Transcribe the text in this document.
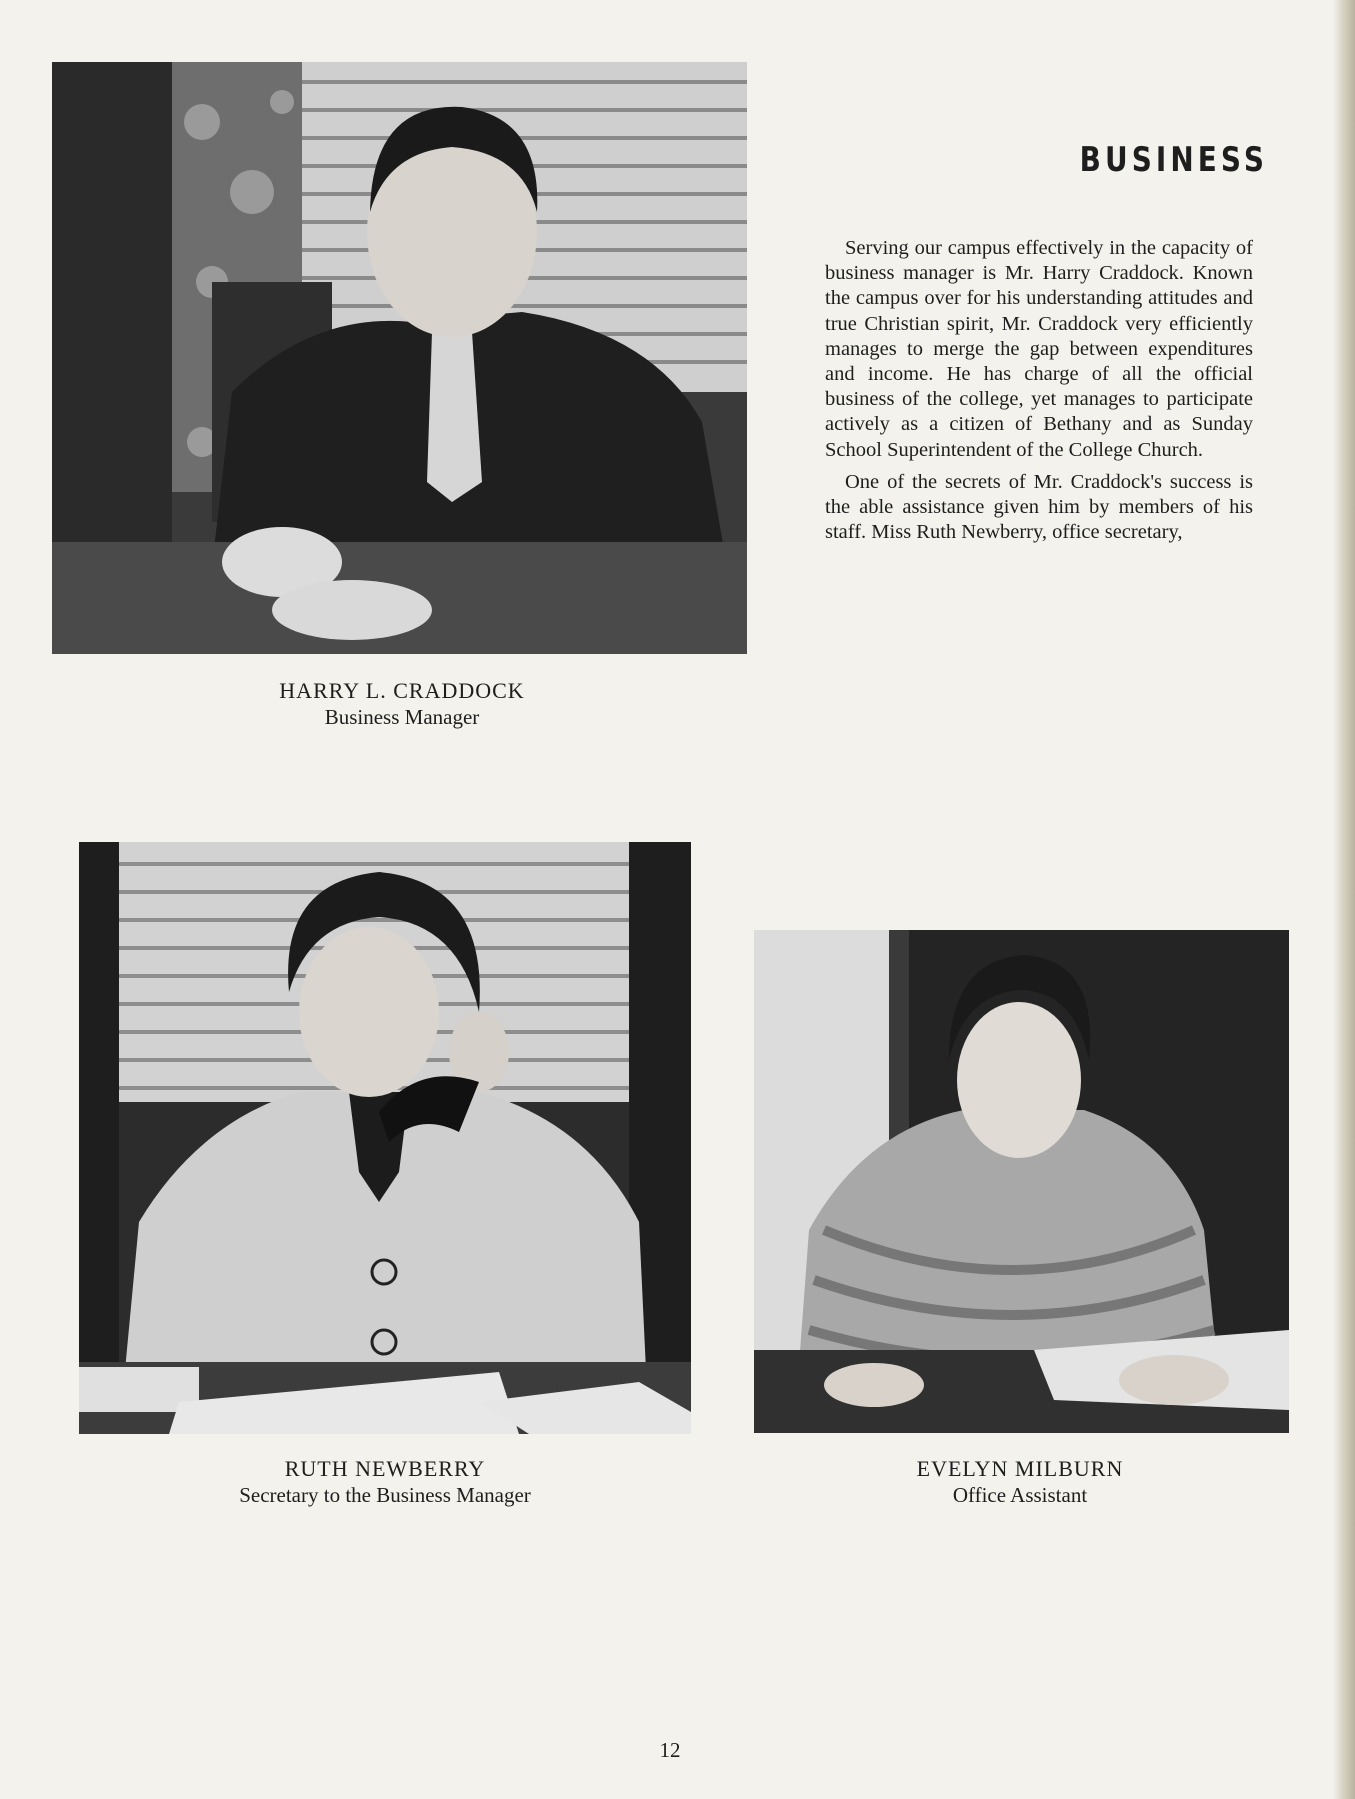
BUSINESS

Serving our campus effectively in the capacity of business manager is Mr. Harry Craddock. Known the campus over for his understanding attitudes and true Christian spirit, Mr. Craddock very efficiently manages to merge the gap between expenditures and income. He has charge of all the official business of the college, yet manages to participate actively as a citizen of Bethany and as Sunday School Superintendent of the College Church.

One of the secrets of Mr. Craddock's success is the able assistance given him by members of his staff. Miss Ruth Newberry, office secretary,

HARRY L. CRADDOCK
Business Manager
RUTH NEWBERRY
Secretary to the Business Manager
EVELYN MILBURN
Office Assistant
12
